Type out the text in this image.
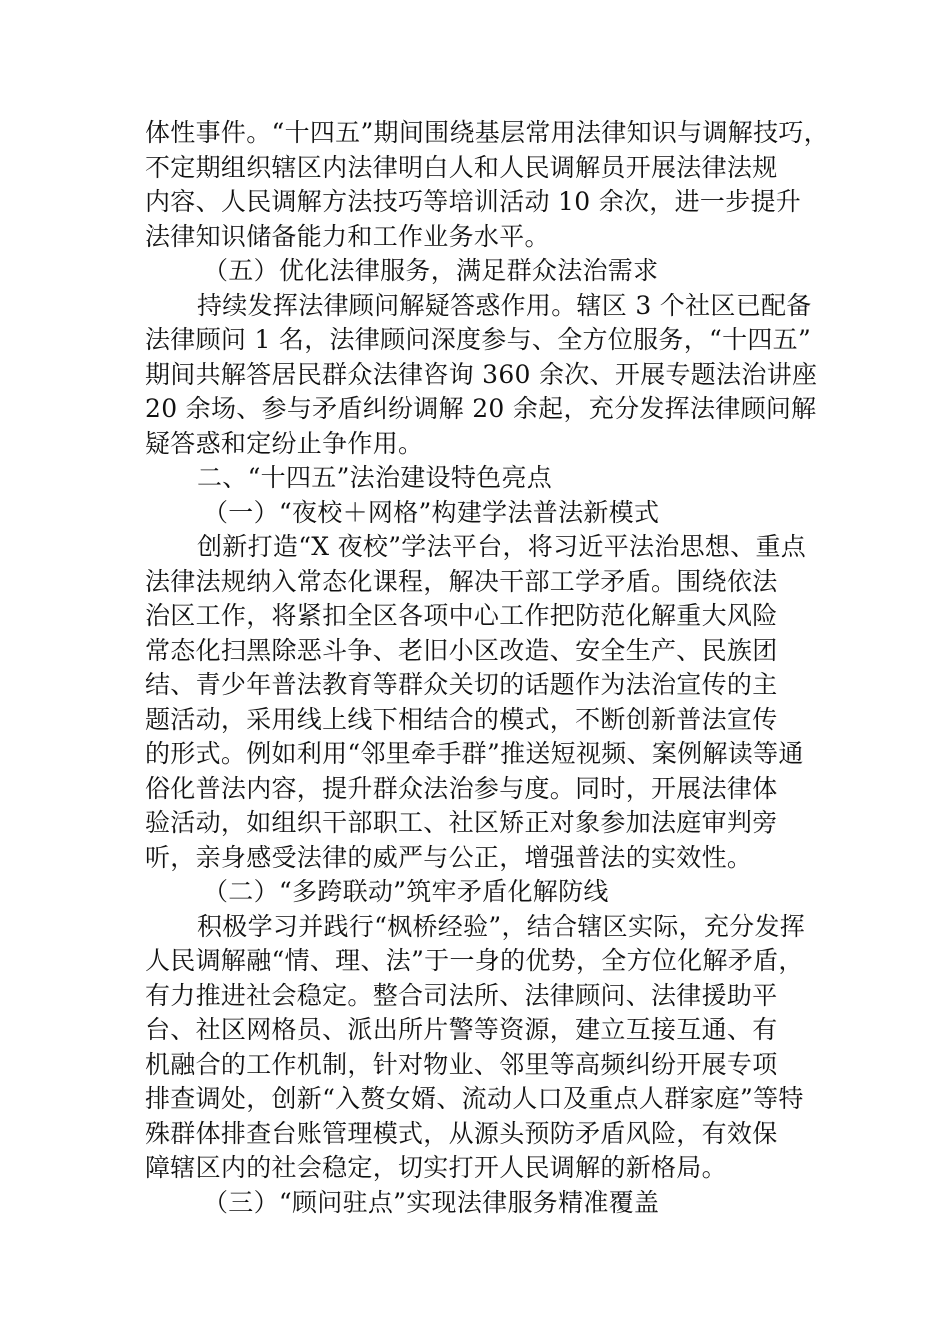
体性事件。“十四五”期间围绕基层常用法律知识与调解技巧，
不定期组织辖区内法律明白人和人民调解员开展法律法规
内容、人民调解方法技巧等培训活动 10 余次，进一步提升
法律知识储备能力和工作业务水平。
（五）优化法律服务，满足群众法治需求
持续发挥法律顾问解疑答惑作用。辖区 3 个社区已配备
法律顾问 1 名，法律顾问深度参与、全方位服务，“十四五”
期间共解答居民群众法律咨询 360 余次、开展专题法治讲座
20 余场、参与矛盾纠纷调解 20 余起，充分发挥法律顾问解
疑答惑和定纷止争作用。
二、“十四五”法治建设特色亮点
（一）“夜校＋网格”构建学法普法新模式
创新打造“X 夜校”学法平台，将习近平法治思想、重点
法律法规纳入常态化课程，解决干部工学矛盾。围绕依法
治区工作，将紧扣全区各项中心工作把防范化解重大风险
常态化扫黑除恶斗争、老旧小区改造、安全生产、民族团
结、青少年普法教育等群众关切的话题作为法治宣传的主
题活动，采用线上线下相结合的模式，不断创新普法宣传
的形式。例如利用“邻里牵手群”推送短视频、案例解读等通
俗化普法内容，提升群众法治参与度。同时，开展法律体
验活动，如组织干部职工、社区矫正对象参加法庭审判旁
听，亲身感受法律的威严与公正，增强普法的实效性。
（二）“多跨联动”筑牢矛盾化解防线
积极学习并践行“枫桥经验”，结合辖区实际，充分发挥
人民调解融“情、理、法”于一身的优势，全方位化解矛盾，
有力推进社会稳定。整合司法所、法律顾问、法律援助平
台、社区网格员、派出所片警等资源，建立互接互通、有
机融合的工作机制，针对物业、邻里等高频纠纷开展专项
排查调处，创新“入赘女婿、流动人口及重点人群家庭”等特
殊群体排查台账管理模式，从源头预防矛盾风险，有效保
障辖区内的社会稳定，切实打开人民调解的新格局。
（三）“顾问驻点”实现法律服务精准覆盖
